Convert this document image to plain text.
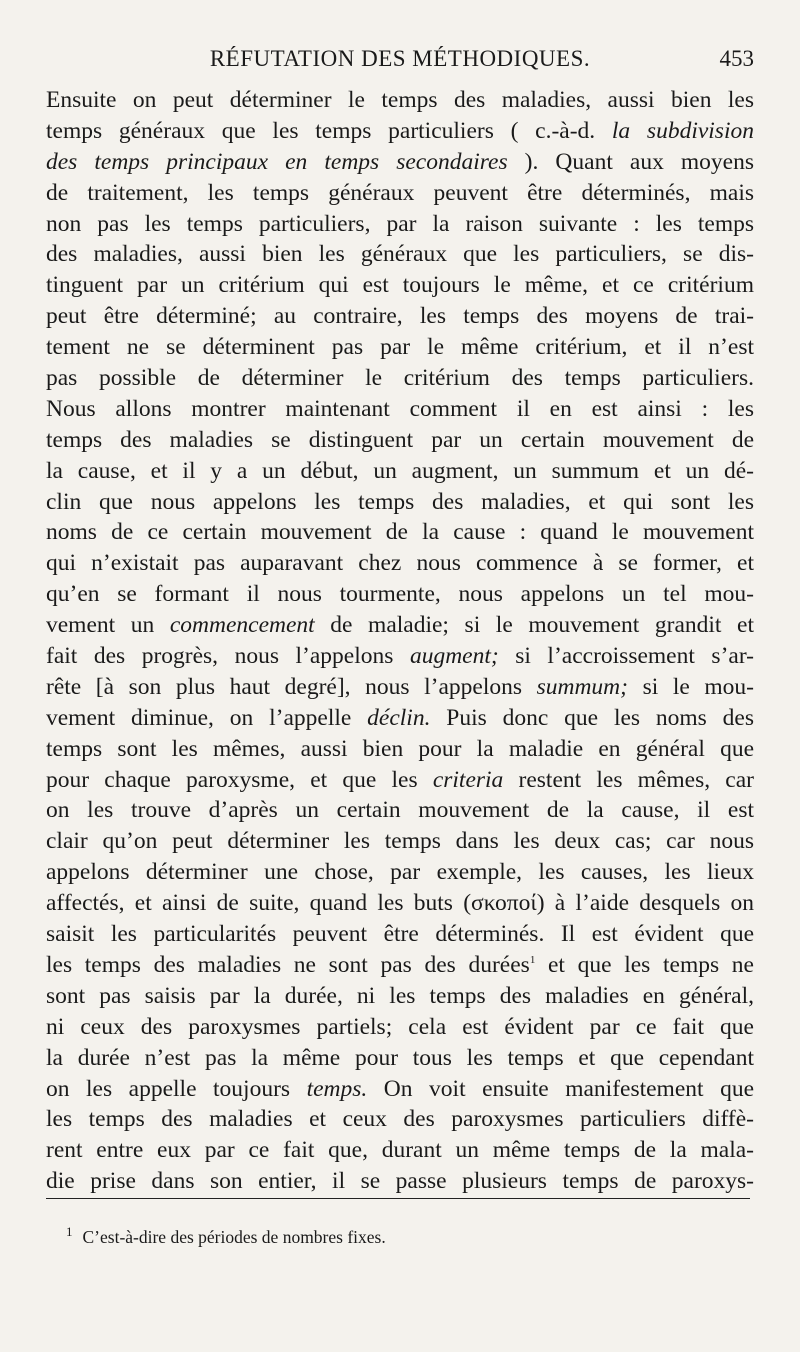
RÉFUTATION DES MÉTHODIQUES.	453
Ensuite on peut déterminer le temps des maladies, aussi bien les
temps généraux que les temps particuliers ( c.-à-d. la subdivision
des temps principaux en temps secondaires ). Quant aux moyens
de traitement, les temps généraux peuvent être déterminés, mais
non pas les temps particuliers, par la raison suivante : les temps
des maladies, aussi bien les généraux que les particuliers, se dis-
tinguent par un critérium qui est toujours le même, et ce critérium
peut être déterminé; au contraire, les temps des moyens de trai-
tement ne se déterminent pas par le même critérium, et il n’est
pas possible de déterminer le critérium des temps particuliers.
Nous allons montrer maintenant comment il en est ainsi : les
temps des maladies se distinguent par un certain mouvement de
la cause, et il y a un début, un augment, un summum et un dé-
clin que nous appelons les temps des maladies, et qui sont les
noms de ce certain mouvement de la cause : quand le mouvement
qui n’existait pas auparavant chez nous commence à se former, et
qu’en se formant il nous tourmente, nous appelons un tel mou-
vement un commencement de maladie; si le mouvement grandit et
fait des progrès, nous l’appelons augment; si l’accroissement s’ar-
rête [à son plus haut degré], nous l’appelons summum; si le mou-
vement diminue, on l’appelle déclin. Puis donc que les noms des
temps sont les mêmes, aussi bien pour la maladie en général que
pour chaque paroxysme, et que les criteria restent les mêmes, car
on les trouve d’après un certain mouvement de la cause, il est
clair qu’on peut déterminer les temps dans les deux cas; car nous
appelons déterminer une chose, par exemple, les causes, les lieux
affectés, et ainsi de suite, quand les buts (σκοποί) à l’aide desquels on
saisit les particularités peuvent être déterminés. Il est évident que
les temps des maladies ne sont pas des durées$^1$ et que les temps ne
sont pas saisis par la durée, ni les temps des maladies en général,
ni ceux des paroxysmes partiels; cela est évident par ce fait que
la durée n’est pas la même pour tous les temps et que cependant
on les appelle toujours temps. On voit ensuite manifestement que
les temps des maladies et ceux des paroxysmes particuliers diffè-
rent entre eux par ce fait que, durant un même temps de la mala-
die prise dans son entier, il se passe plusieurs temps de paroxys-
$^1$ C’est-à-dire des périodes de nombres fixes.
